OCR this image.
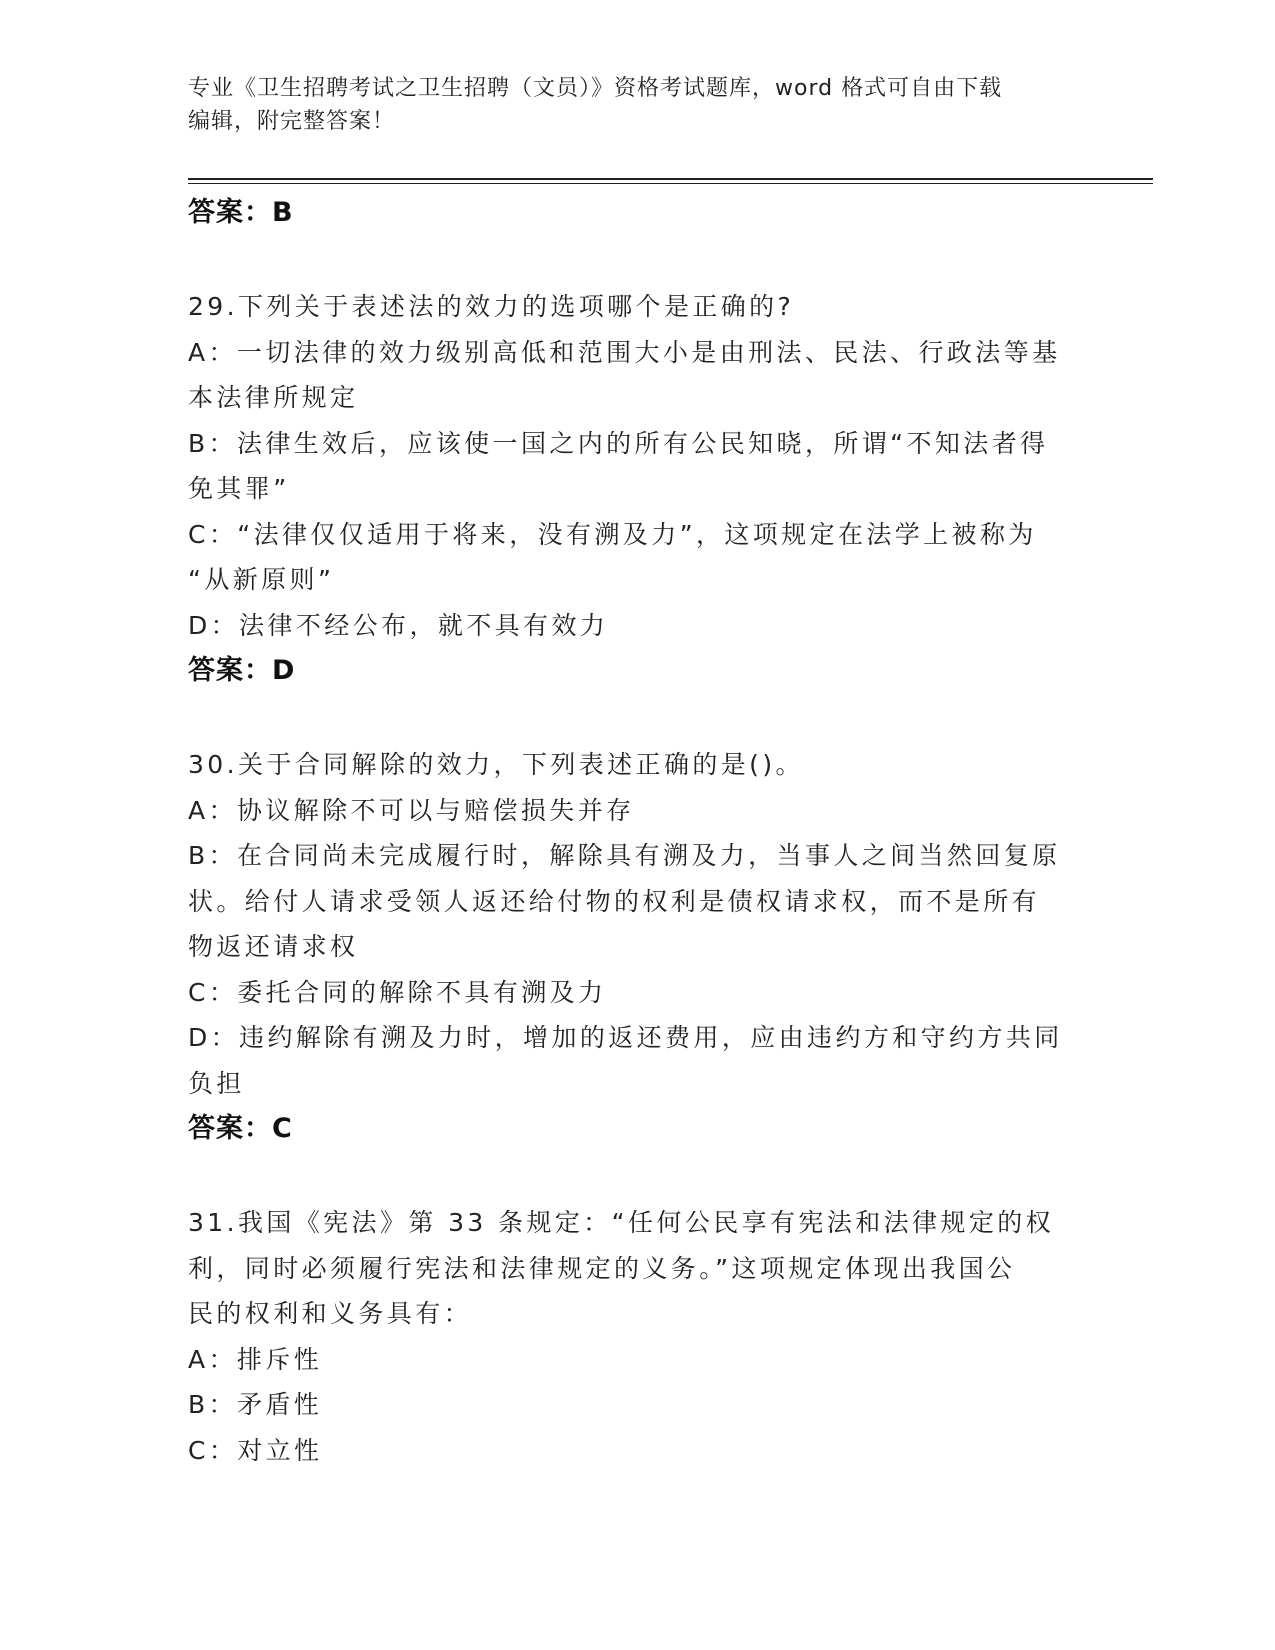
专业《卫生招聘考试之卫生招聘（文员）》资格考试题库，word 格式可自由下载
编辑，附完整答案！
答案：B
29.下列关于表述法的效力的选项哪个是正确的?
A：一切法律的效力级别高低和范围大小是由刑法、民法、行政法等基
本法律所规定
B：法律生效后，应该使一国之内的所有公民知晓，所谓“不知法者得
免其罪”
C：“法律仅仅适用于将来，没有溯及力”，这项规定在法学上被称为
“从新原则”
D：法律不经公布，就不具有效力
答案：D
30.关于合同解除的效力，下列表述正确的是()。
A：协议解除不可以与赔偿损失并存
B：在合同尚未完成履行时，解除具有溯及力，当事人之间当然回复原
状。给付人请求受领人返还给付物的权利是债权请求权，而不是所有
物返还请求权
C：委托合同的解除不具有溯及力
D：违约解除有溯及力时，增加的返还费用，应由违约方和守约方共同
负担
答案：C
31.我国《宪法》第 33 条规定：“任何公民享有宪法和法律规定的权
利，同时必须履行宪法和法律规定的义务。”这项规定体现出我国公
民的权利和义务具有：
A：排斥性
B：矛盾性
C：对立性
